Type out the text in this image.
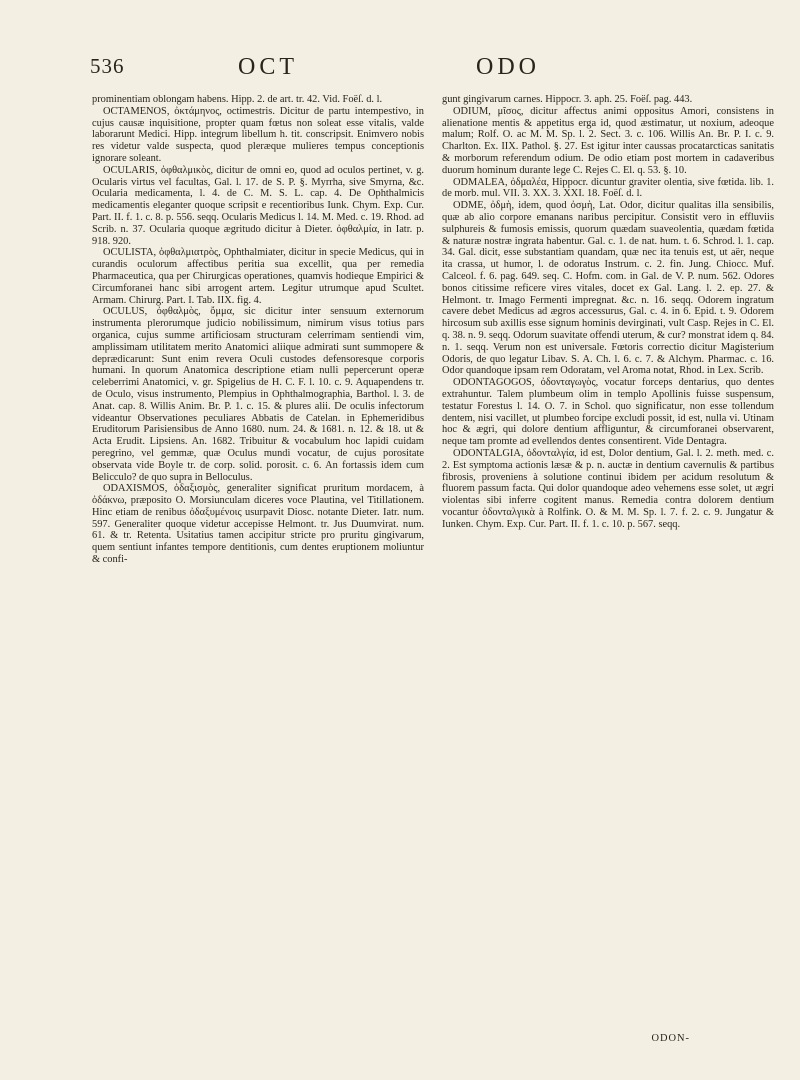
536	OCT	ODO

prominentiam oblongam habens. Hipp. 2. de art. tr. 42. Vid. Foëſ. d. l.

OCTAMENOS, ὀκτάμηνος, octimestris. Dicitur de partu intempestivo, in cujus causæ inquisitione, propter quam fœtus non soleat esse vitalis, valde laborarunt Medici. Hipp. integrum libellum h. tit. conscripsit. Enimvero nobis res videtur valde suspecta, quod pleræque mulieres tempus conceptionis ignorare soleant.

OCULARIS, ὀφθαλμικὸς, dicitur de omni eo, quod ad oculos pertinet, v. g. Ocularis virtus vel facultas, Gal. l. 17. de S. P. §. Myrrha, sive Smyrna, &c. Ocularia medicamenta, l. 4. de C. M. S. L. cap. 4. De Ophthalmicis medicamentis eleganter quoque scripsit e recentioribus Iunk. Chym. Exp. Cur. Part. II. f. 1. c. 8. p. 556. seqq. Ocularis Medicus l. 14. M. Med. c. 19. Rhod. ad Scrib. n. 37. Ocularia quoque ægritudo dicitur à Dieter. ὀφθαλμία, in Iatr. p. 918. 920.

OCULISTA, ὀφθαλμιατρὸς, Ophthalmiater, dicitur in specie Medicus, qui in curandis oculorum affectibus peritia sua excellit, qua per remedia Pharmaceutica, qua per Chirurgicas operationes, quamvis hodieque Empirici & Circumforanei hanc sibi arrogent artem. Legitur utrumque apud Scultet. Armam. Chirurg. Part. I. Tab. IIX. fig. 4.

OCULUS, ὀφθαλμὸς, ὄμμα, sic dicitur inter sensuum externorum instrumenta plerorumque judicio nobilissimum, nimirum visus totius pars organica, cujus summe artificiosam structuram celerrimam sentiendi vim, amplissimam utilitatem merito Anatomici aliique admirati sunt summopere & deprædicarunt: Sunt enim revera Oculi custodes defensoresque corporis humani. In quorum Anatomica descriptione etiam nulli pepercerunt operæ celeberrimi Anatomici, v. gr. Spigelius de H. C. F. l. 10. c. 9. Aquapendens tr. de Oculo, visus instrumento, Plempius in Ophthalmographia, Barthol. l. 3. de Anat. cap. 8. Willis Anim. Br. P. 1. c. 15. & plures alii. De oculis infectorum videantur Observationes peculiares Abbatis de Catelan. in Ephemeridibus Eruditorum Parisiensibus de Anno 1680. num. 24. & 1681. n. 12. & 18. ut & Acta Erudit. Lipsiens. An. 1682. Tribuitur & vocabulum hoc lapidi cuidam peregrino, vel gemmæ, quæ Oculus mundi vocatur, de cujus porositate observata vide Boyle tr. de corp. solid. porosit. c. 6. An fortassis idem cum Belicculo? de quo supra in Belloculus.

ODAXISMOS, ὀδαξισμὸς, generaliter significat pruritum mordacem, à ὀδάκνω, præposito O. Morsiunculam diceres voce Plautina, vel Titillationem. Hinc etiam de renibus ὀδαξυμένοις usurpavit Diosc. notante Dieter. Iatr. num. 597. Generaliter quoque videtur accepisse Helmont. tr. Jus Duumvirat. num. 61. & tr. Retenta. Usitatius tamen accipitur stricte pro pruritu gingivarum, quem sentiunt infantes tempore dentitionis, cum dentes eruptionem moliuntur & confi-

gunt gingivarum carnes. Hippocr. 3. aph. 25. Foëſ. pag. 443.

ODIUM, μῖσος, dicitur affectus animi oppositus Amori, consistens in alienatione mentis & appetitus erga id, quod æstimatur, ut noxium, adeoque malum; Rolf. O. ac M. M. Sp. l. 2. Sect. 3. c. 106. Willis An. Br. P. I. c. 9. Charlton. Ex. IIX. Pathol. §. 27. Est igitur inter caussas procatarcticas sanitatis & morborum referendum odium. De odio etiam post mortem in cadaveribus duorum hominum durante lege C. Rejes C. El. q. 53. §. 10.

ODMALEA, ὀδμαλέα, Hippocr. dicuntur graviter olentia, sive fœtida. lib. 1. de morb. mul. VII. 3. XX. 3. XXI. 18. Foëſ. d. l.

ODME, ὀδμὴ, idem, quod ὀσμὴ, Lat. Odor, dicitur qualitas illa sensibilis, quæ ab alio corpore emanans naribus percipitur. Consistit vero in effluviis sulphureis & fumosis emissis, quorum quædam suaveolentia, quædam fœtida & naturæ nostræ ingrata habentur. Gal. c. 1. de nat. hum. t. 6. Schrod. l. 1. cap. 34. Gal. dicit, esse substantiam quandam, quæ nec ita tenuis est, ut aër, neque ita crassa, ut humor, l. de odoratus Instrum. c. 2. fin. Jung. Chiocc. Muf. Calceol. f. 6. pag. 649. seq. C. Hofm. com. in Gal. de V. P. num. 562. Odores bonos citissime reficere vires vitales, docet ex Gal. Lang. l. 2. ep. 27. & Helmont. tr. Imago Fermenti impregnat. &c. n. 16. seqq. Odorem ingratum cavere debet Medicus ad ægros accessurus, Gal. c. 4. in 6. Epid. t. 9. Odorem hircosum sub axillis esse signum hominis devirginati, vult Casp. Rejes in C. El. q. 38. n. 9. seqq. Odorum suavitate offendi uterum, & cur? monstrat idem q. 84. n. 1. seqq. Verum non est universale. Fœtoris correctio dicitur Magisterium Odoris, de quo legatur Libav. S. A. Ch. l. 6. c. 7. & Alchym. Pharmac. c. 16. Odor quandoque ipsam rem Odoratam, vel Aroma notat, Rhod. in Lex. Scrib.

ODONTAGOGOS, ὀδονταγωγὸς, vocatur forceps dentarius, quo dentes extrahuntur. Talem plumbeum olim in templo Apollinis fuisse suspensum, testatur Forestus l. 14. O. 7. in Schol. quo significatur, non esse tollendum dentem, nisi vacillet, ut plumbeo forcipe excludi possit, id est, nulla vi. Utinam hoc & ægri, qui dolore dentium affliguntur, & circumforanei observarent, neque tam promte ad evellendos dentes consentirent. Vide Dentagra.

ODONTALGIA, ὀδονταλγία, id est, Dolor dentium, Gal. l. 2. meth. med. c. 2. Est symptoma actionis læsæ & p. n. auctæ in dentium cavernulis & partibus fibrosis, proveniens à solutione continui ibidem per acidum resolutum & fluorem passum facta. Qui dolor quandoque adeo vehemens esse solet, ut ægri violentas sibi inferre cogitent manus. Remedia contra dolorem dentium vocantur ὀδονταλγικὰ à Rolfink. O. & M. M. Sp. l. 7. f. 2. c. 9. Jungatur & Iunken. Chym. Exp. Cur. Part. II. f. 1. c. 10. p. 567. seqq.

ODON-
